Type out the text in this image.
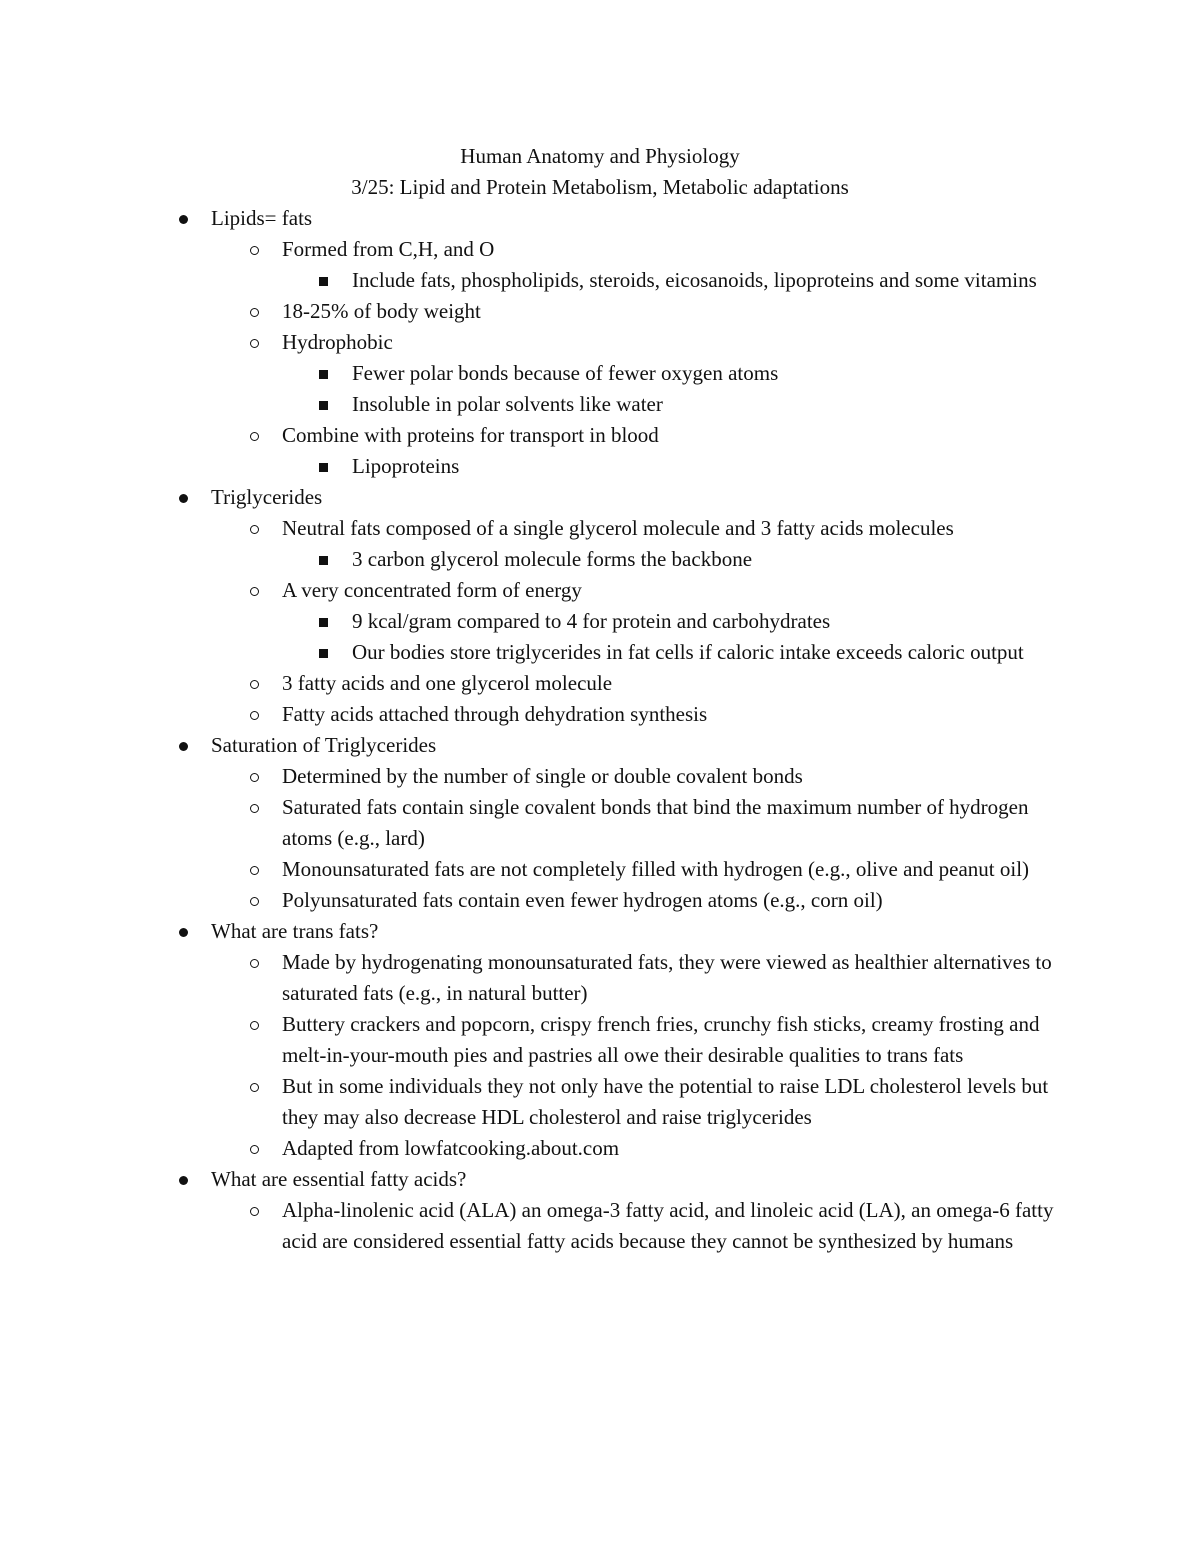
Human Anatomy and Physiology
3/25: Lipid and Protein Metabolism, Metabolic adaptations
Lipids= fats
Formed from C,H, and O
Include fats, phospholipids, steroids, eicosanoids, lipoproteins and some vitamins
18-25% of body weight
Hydrophobic
Fewer polar bonds because of fewer oxygen atoms
Insoluble in polar solvents like water
Combine with proteins for transport in blood
Lipoproteins
Triglycerides
Neutral fats composed of a single glycerol molecule and 3 fatty acids molecules
3 carbon glycerol molecule forms the backbone
A very concentrated form of energy
9 kcal/gram compared to 4 for protein and carbohydrates
Our bodies store triglycerides in fat cells if caloric intake exceeds caloric output
3 fatty acids and one glycerol molecule
Fatty acids attached through dehydration synthesis
Saturation of Triglycerides
Determined by the number of single or double covalent bonds
Saturated fats contain single covalent bonds that bind the maximum number of hydrogen atoms (e.g., lard)
Monounsaturated fats are not completely filled with hydrogen (e.g., olive and peanut oil)
Polyunsaturated fats contain even fewer hydrogen atoms (e.g., corn oil)
What are trans fats?
Made by hydrogenating monounsaturated fats, they were viewed as healthier alternatives to saturated fats (e.g., in natural butter)
Buttery crackers and popcorn, crispy french fries, crunchy fish sticks, creamy frosting and melt-in-your-mouth pies and pastries all owe their desirable qualities to trans fats
But in some individuals they not only have the potential to raise LDL cholesterol levels but they may also decrease HDL cholesterol and raise triglycerides
Adapted from lowfatcooking.about.com
What are essential fatty acids?
Alpha-linolenic acid (ALA) an omega-3 fatty acid, and linoleic acid (LA), an omega-6 fatty acid are considered essential fatty acids because they cannot be synthesized by humans
